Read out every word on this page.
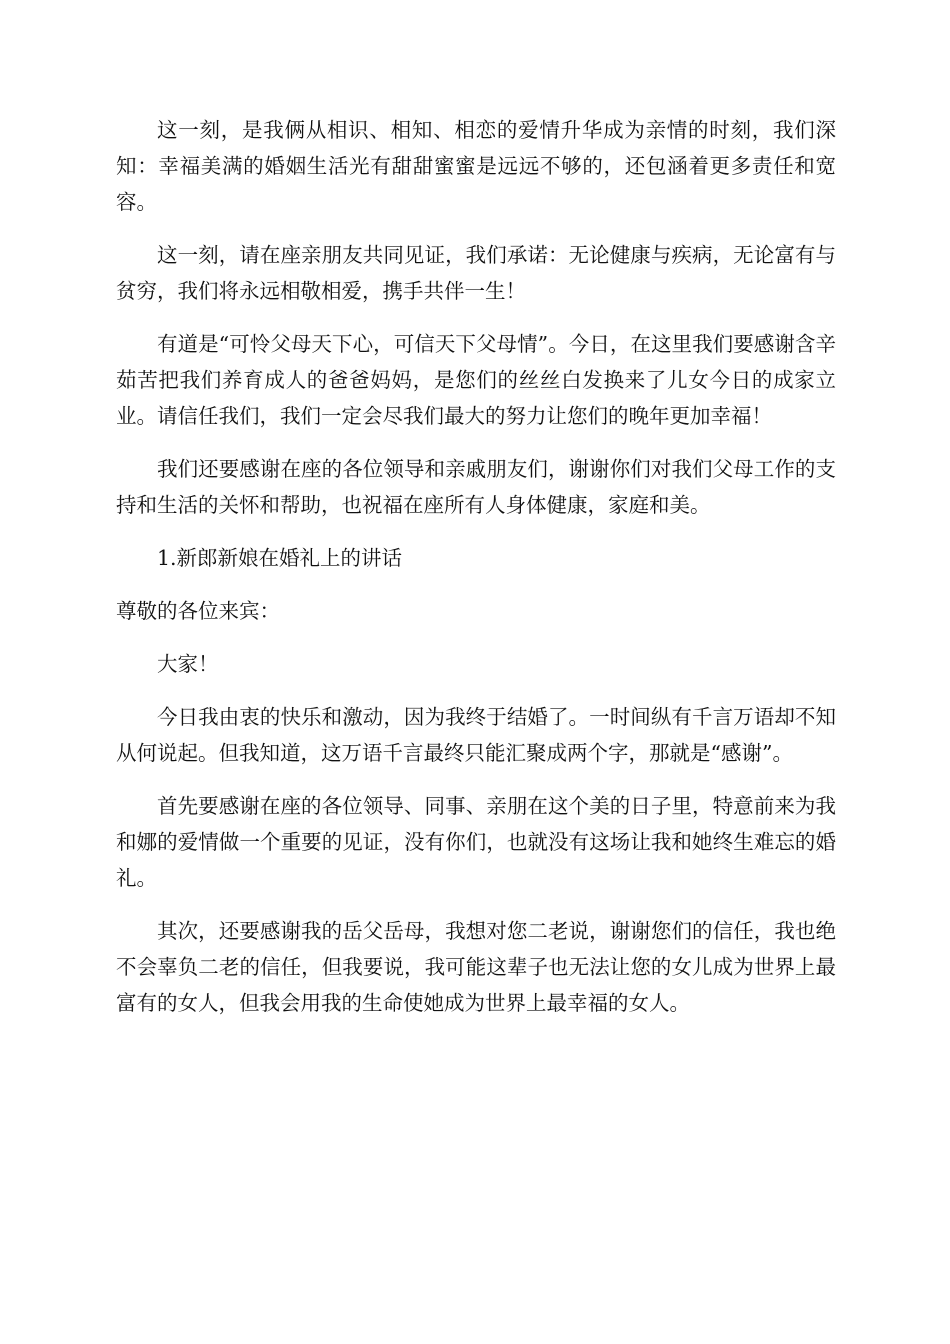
这一刻，是我俩从相识、相知、相恋的爱情升华成为亲情的时刻，我们深知：幸福美满的婚姻生活光有甜甜蜜蜜是远远不够的，还包涵着更多责任和宽容。

这一刻，请在座亲朋友共同见证，我们承诺：无论健康与疾病，无论富有与贫穷，我们将永远相敬相爱，携手共伴一生！

有道是“可怜父母天下心，可信天下父母情”。今日，在这里我们要感谢含辛茹苦把我们养育成人的爸爸妈妈，是您们的丝丝白发换来了儿女今日的成家立业。请信任我们，我们一定会尽我们最大的努力让您们的晚年更加幸福！

我们还要感谢在座的各位领导和亲戚朋友们，谢谢你们对我们父母工作的支持和生活的关怀和帮助，也祝福在座所有人身体健康，家庭和美。

1.新郎新娘在婚礼上的讲话

尊敬的各位来宾：

大家！

今日我由衷的快乐和激动，因为我终于结婚了。一时间纵有千言万语却不知从何说起。但我知道，这万语千言最终只能汇聚成两个字，那就是“感谢”。

首先要感谢在座的各位领导、同事、亲朋在这个美的日子里，特意前来为我和娜的爱情做一个重要的见证，没有你们，也就没有这场让我和她终生难忘的婚礼。

其次，还要感谢我的岳父岳母，我想对您二老说，谢谢您们的信任，我也绝不会辜负二老的信任，但我要说，我可能这辈子也无法让您的女儿成为世界上最富有的女人，但我会用我的生命使她成为世界上最幸福的女人。
